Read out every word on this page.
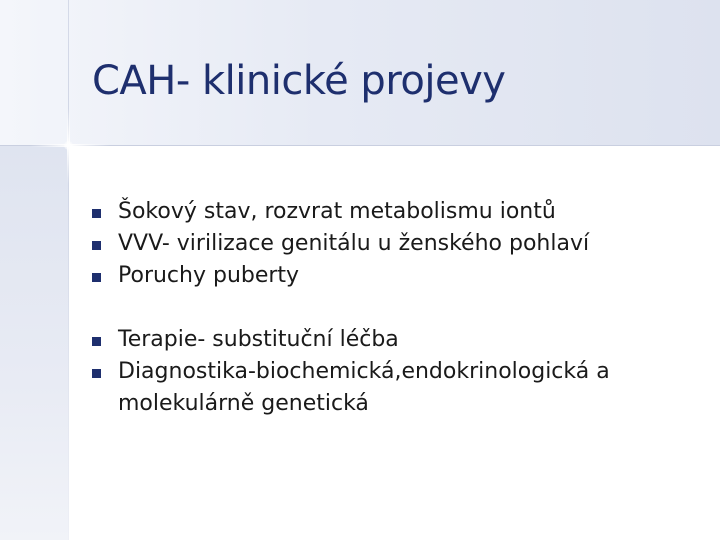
CAH- klinické projevy
Šokový stav, rozvrat metabolismu iontů
VVV- virilizace genitálu u ženského pohlaví
Poruchy puberty
Terapie- substituční léčba
Diagnostika-biochemická,endokrinologická a molekulárně genetická
